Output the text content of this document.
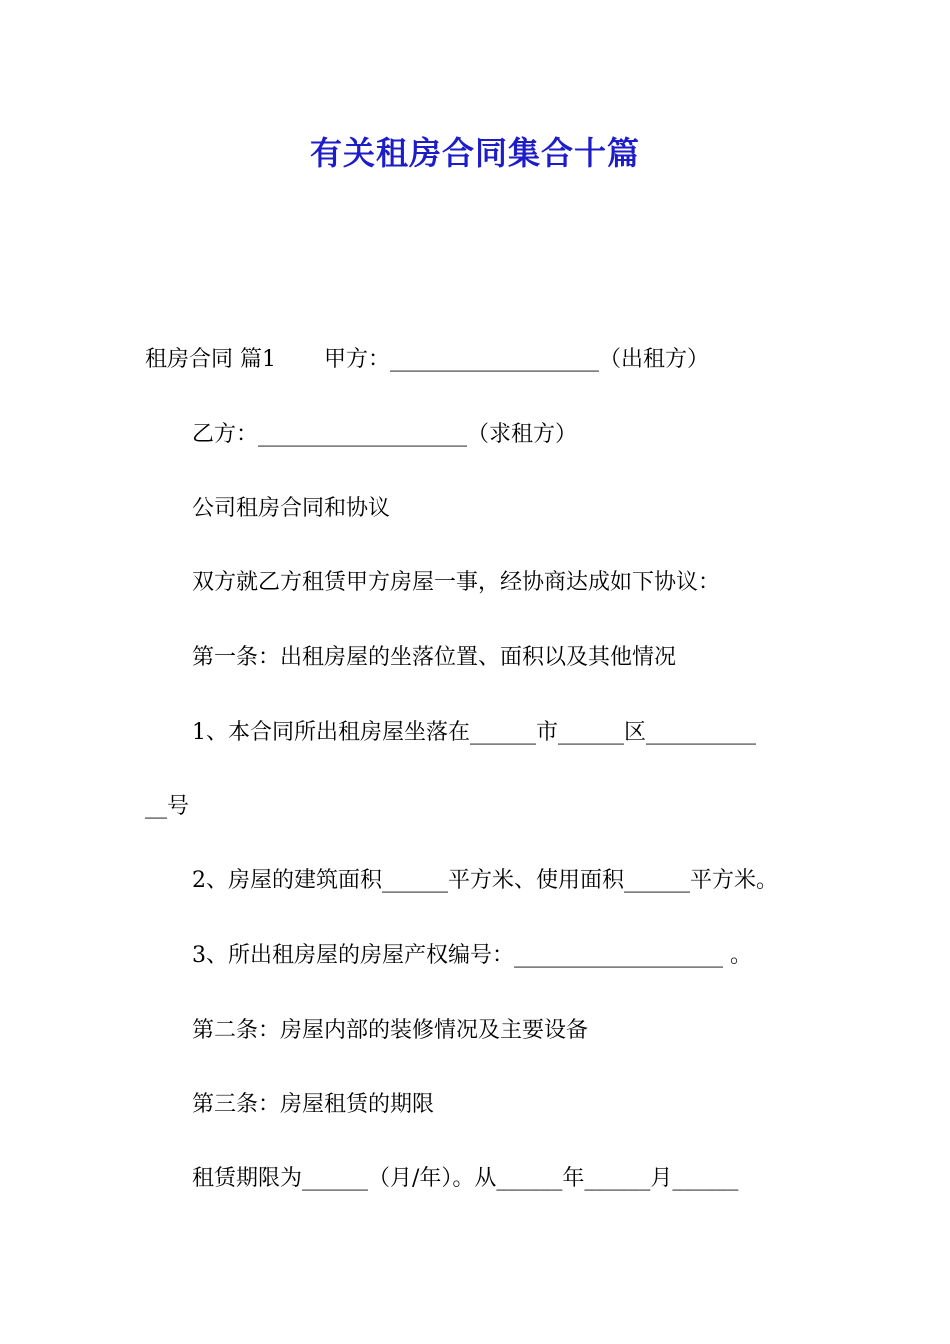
有关租房合同集合十篇
租房合同 篇1 甲方：___________________（出租方）
乙方：___________________（求租方）
公司租房合同和协议
双方就乙方租赁甲方房屋一事，经协商达成如下协议：
第一条：出租房屋的坐落位置、面积以及其他情况
1、本合同所出租房屋坐落在______市______区__________
__号
2、房屋的建筑面积______平方米、使用面积______平方米。
3、所出租房屋的房屋产权编号：___________________ 。
第二条：房屋内部的装修情况及主要设备
第三条：房屋租赁的期限
租赁期限为______（月/年）。从______年______月______
